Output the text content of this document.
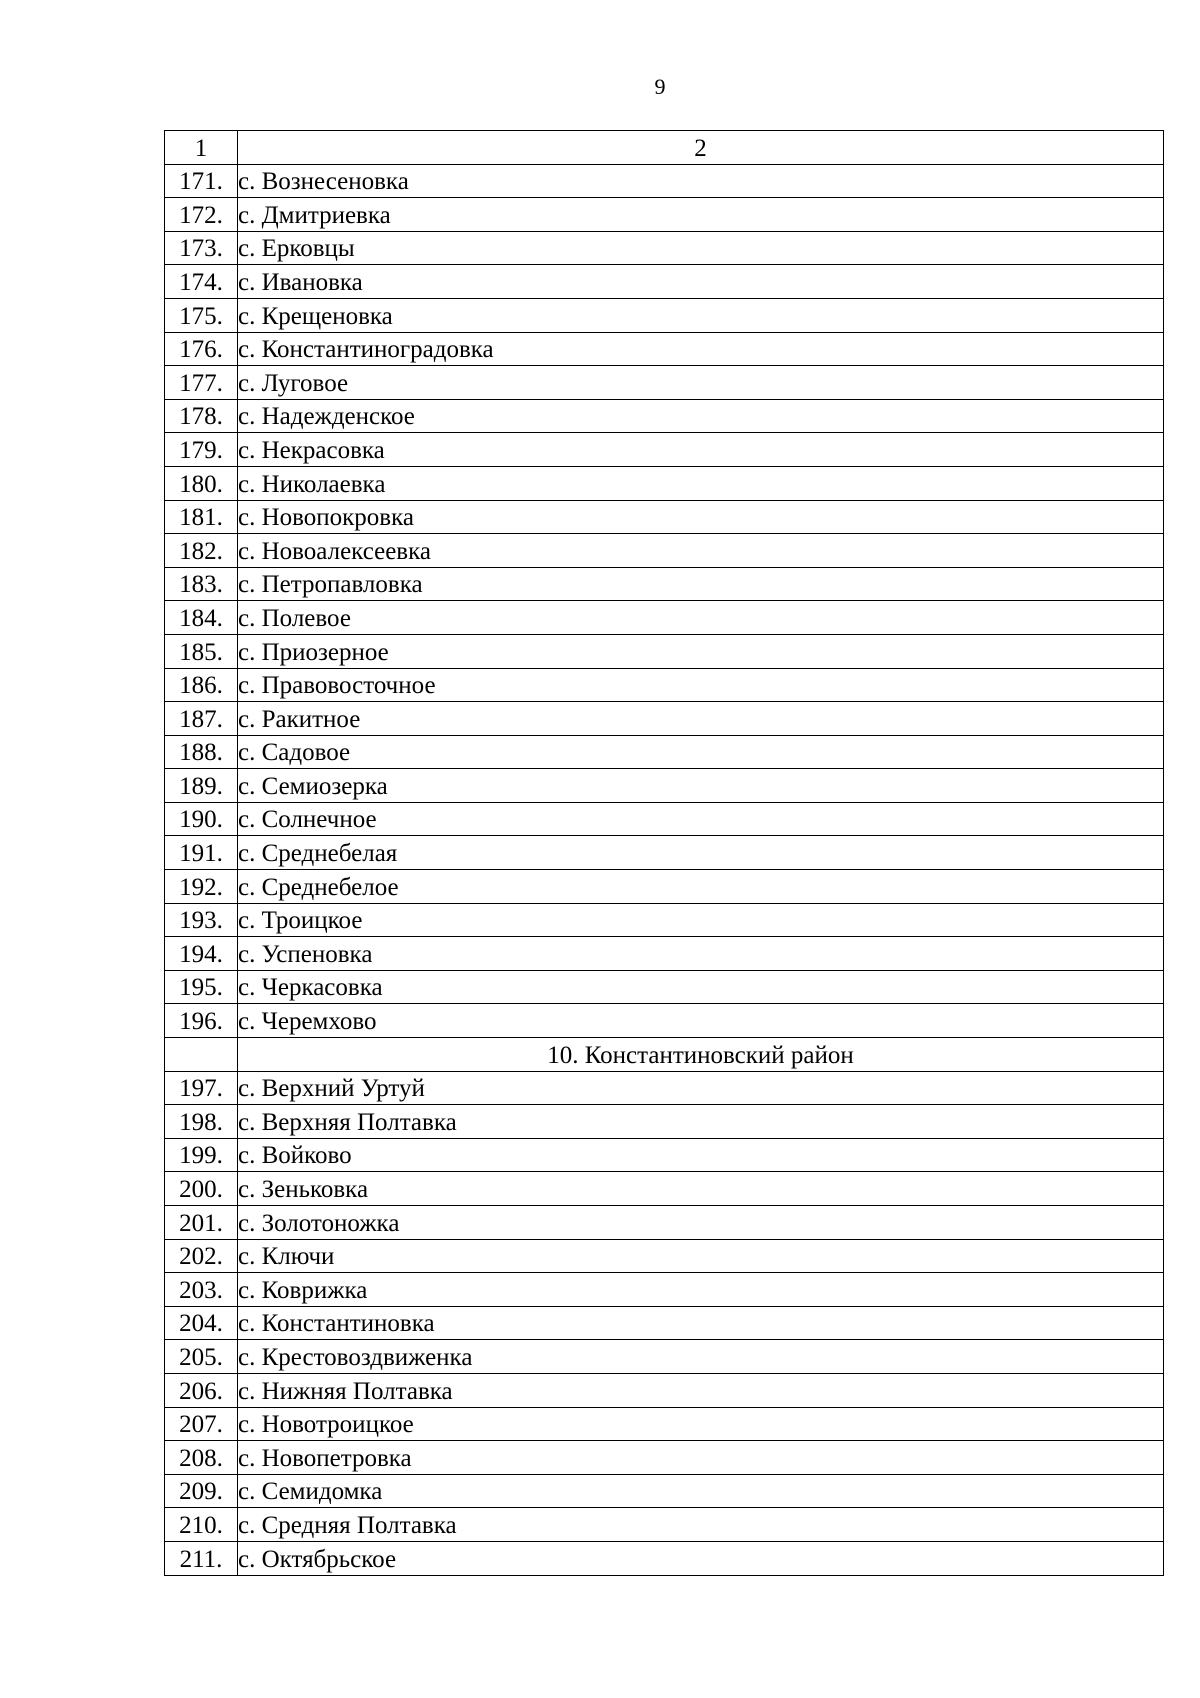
9
1	2
171.	с. Вознесеновка
172.	с. Дмитриевка
173.	с. Ерковцы
174.	с. Ивановка
175.	с. Крещеновка
176.	с. Константиноградовка
177.	с. Луговое
178.	с. Надежденское
179.	с. Некрасовка
180.	с. Николаевка
181.	с. Новопокровка
182.	с. Новоалексеевка
183.	с. Петропавловка
184.	с. Полевое
185.	с. Приозерное
186.	с. Правовосточное
187.	с. Ракитное
188.	с. Садовое
189.	с. Семиозерка
190.	с. Солнечное
191.	с. Среднебелая
192.	с. Среднебелое
193.	с. Троицкое
194.	с. Успеновка
195.	с. Черкасовка
196.	с. Черемхово
	10. Константиновский район
197.	с. Верхний Уртуй
198.	с. Верхняя Полтавка
199.	с. Войково
200.	с. Зеньковка
201.	с. Золотоножка
202.	с. Ключи
203.	с. Коврижка
204.	с. Константиновка
205.	с. Крестовоздвиженка
206.	с. Нижняя Полтавка
207.	с. Новотроицкое
208.	с. Новопетровка
209.	с. Семидомка
210.	с. Средняя Полтавка
211.	с. Октябрьское
